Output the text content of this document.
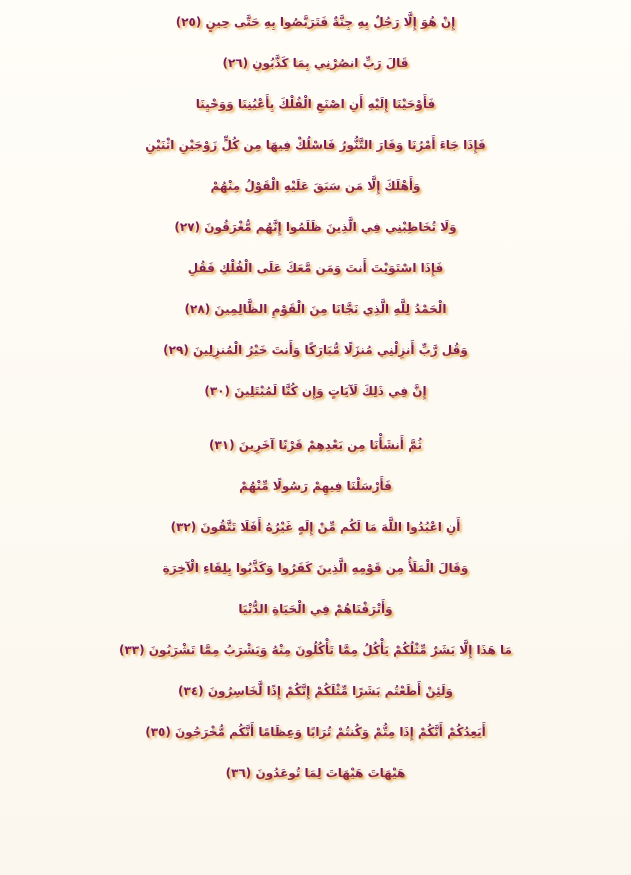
إِنْ هُوَ إِلَّا رَجُلٌ بِهِ جِنَّةٌ فَتَرَبَّصُوا بِهِ حَتَّى حِينٍ (٢٥)
قَالَ رَبِّ انصُرْنِي بِمَا كَذَّبُونِ (٢٦)
فَأَوْحَيْنَا إِلَيْهِ أَنِ اصْنَعِ الْفُلْكَ بِأَعْيُنِنَا وَوَحْيِنَا
فَإِذَا جَاءَ أَمْرُنَا وَفَارَ التَّنُّورُ فَاسْلُكْ فِيهَا مِن كُلٍّ زَوْجَيْنِ اثْنَيْنِ
وَأَهْلَكَ إِلَّا مَن سَبَقَ عَلَيْهِ الْقَوْلُ مِنْهُمْ
وَلَا تُخَاطِبْنِي فِي الَّذِينَ ظَلَمُوا إِنَّهُم مُّغْرَقُونَ (٢٧)
فَإِذَا اسْتَوَيْتَ أَنتَ وَمَن مَّعَكَ عَلَى الْفُلْكِ فَقُلِ
الْحَمْدُ لِلَّهِ الَّذِي نَجَّانَا مِنَ الْقَوْمِ الظَّالِمِينَ (٢٨)
وَقُل رَّبِّ أَنزِلْنِي مُنزَلًا مُّبَارَكًا وَأَنتَ خَيْرُ الْمُنزِلِينَ (٢٩)
إِنَّ فِي ذَلِكَ لَآيَاتٍ وَإِن كُنَّا لَمُبْتَلِينَ (٣٠)
ثُمَّ أَنشَأْنَا مِن بَعْدِهِمْ قَرْنًا آخَرِينَ (٣١)
فَأَرْسَلْنَا فِيهِمْ رَسُولًا مِّنْهُمْ
أَنِ اعْبُدُوا اللَّهَ مَا لَكُم مِّنْ إِلَهٍ غَيْرُهُ أَفَلَا تَتَّقُونَ (٣٢)
وَقَالَ الْمَلَأُ مِن قَوْمِهِ الَّذِينَ كَفَرُوا وَكَذَّبُوا بِلِقَاءِ الْآخِرَةِ
وَأَتْرَفْنَاهُمْ فِي الْحَيَاةِ الدُّنْيَا
مَا هَذَا إِلَّا بَشَرٌ مِّثْلُكُمْ يَأْكُلُ مِمَّا تَأْكُلُونَ مِنْهُ وَيَشْرَبُ مِمَّا تَشْرَبُونَ (٣٣)
وَلَئِنْ أَطَعْتُم بَشَرًا مِّثْلَكُمْ إِنَّكُمْ إِذًا لَّخَاسِرُونَ (٣٤)
أَيَعِدُكُمْ أَنَّكُمْ إِذَا مِتُّمْ وَكُنتُمْ تُرَابًا وَعِظَامًا أَنَّكُم مُّخْرَجُونَ (٣٥)
هَيْهَاتَ هَيْهَاتَ لِمَا تُوعَدُونَ (٣٦)
